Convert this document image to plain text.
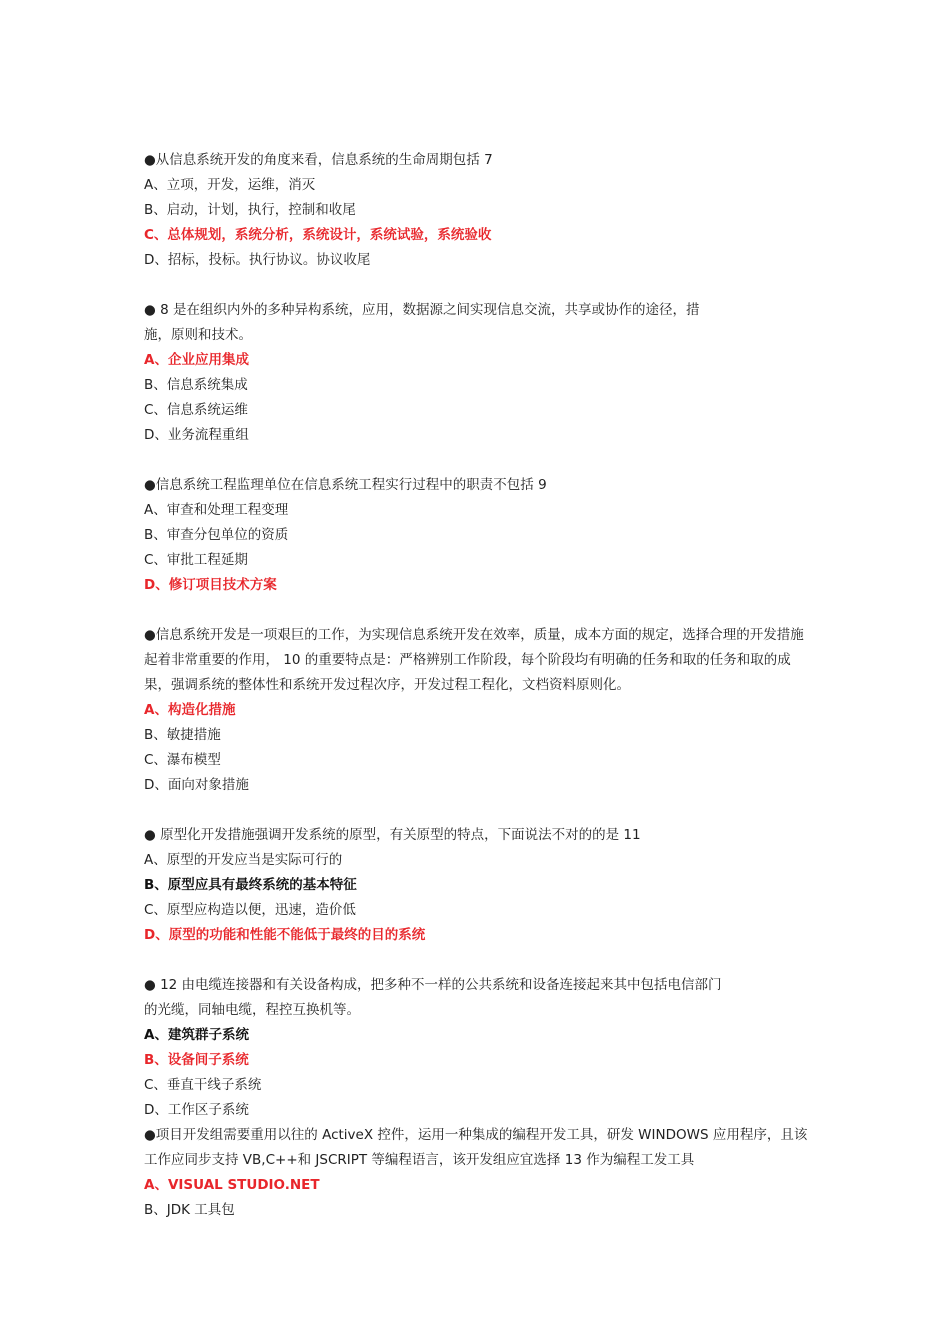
●从信息系统开发的角度来看，信息系统的生命周期包括 7

A、立项，开发，运维，消灭

B、启动，计划，执行，控制和收尾

C、总体规划，系统分析，系统设计，系统试验，系统验收

D、招标，投标。执行协议。协议收尾

● 8 是在组织内外的多种异构系统，应用，数据源之间实现信息交流，共享或协作的途径，措施，原则和技术。

A、企业应用集成

B、信息系统集成

C、信息系统运维

D、业务流程重组

●信息系统工程监理单位在信息系统工程实行过程中的职责不包括 9

A、审查和处理工程变理

B、审查分包单位的资质

C、审批工程延期

D、修订项目技术方案

●信息系统开发是一项艰巨的工作，为实现信息系统开发在效率，质量，成本方面的规定，选择合理的开发措施起着非常重要的作用， 10 的重要特点是：严格辨别工作阶段，每个阶段均有明确的任务和取的任务和取的成果，强调系统的整体性和系统开发过程次序，开发过程工程化，文档资料原则化。

A、构造化措施

B、敏捷措施

C、瀑布模型

D、面向对象措施

● 原型化开发措施强调开发系统的原型，有关原型的特点，下面说法不对的的是 11

A、原型的开发应当是实际可行的

B、原型应具有最终系统的基本特征

C、原型应构造以便，迅速，造价低

D、原型的功能和性能不能低于最终的目的系统

● 12 由电缆连接器和有关设备构成，把多种不一样的公共系统和设备连接起来其中包括电信部门的光缆，同轴电缆，程控互换机等。

A、建筑群子系统

B、设备间子系统

C、垂直干线子系统

D、工作区子系统

●项目开发组需要重用以往的 ActiveX 控件，运用一种集成的编程开发工具，研发 WINDOWS 应用程序，且该工作应同步支持 VB,C++和 JSCRIPT 等编程语言，该开发组应宜选择 13 作为编程工发工具

A、VISUAL STUDIO.NET

B、JDK 工具包
